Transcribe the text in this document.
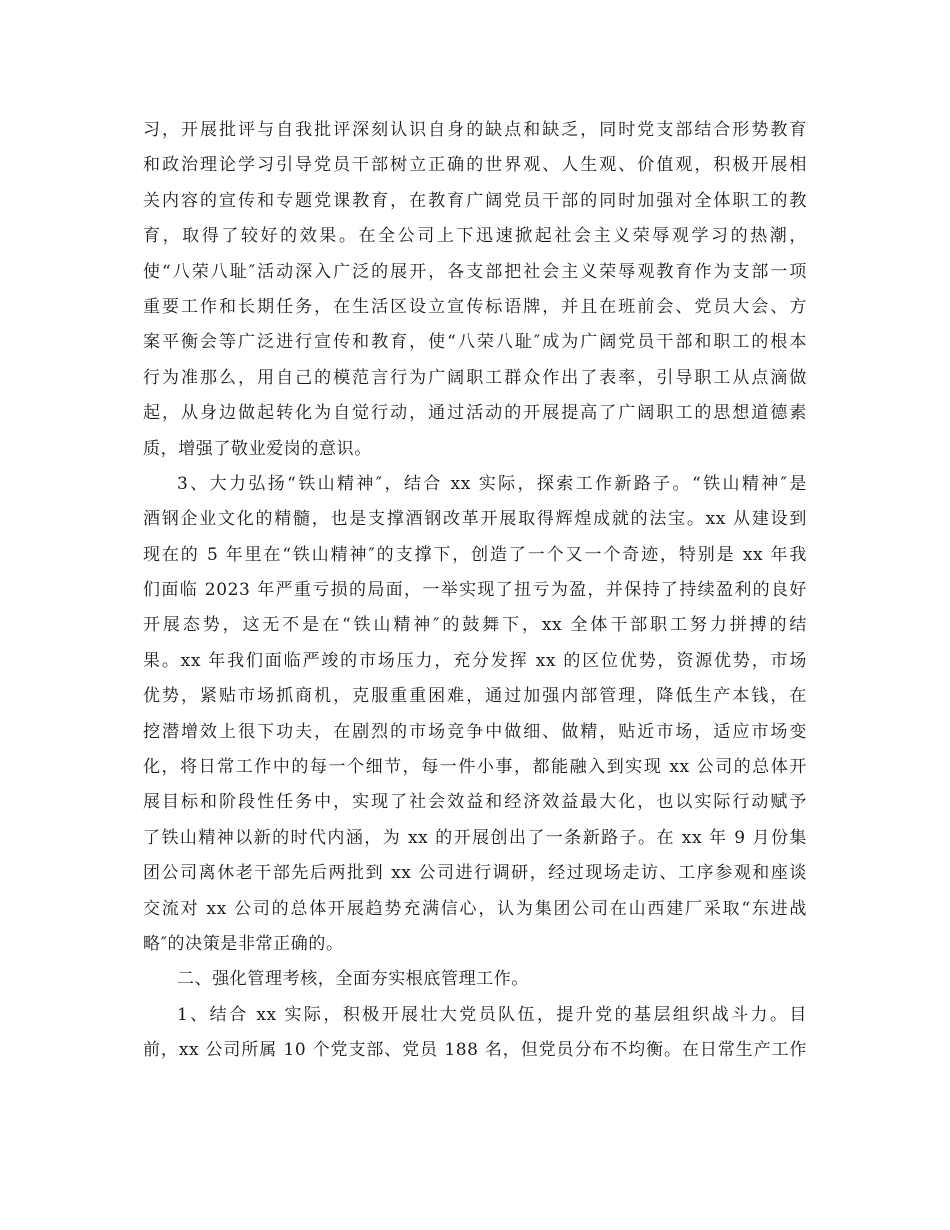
习，开展批评与自我批评深刻认识自身的缺点和缺乏，同时党支部结合形势教育
和政治理论学习引导党员干部树立正确的世界观、人生观、价值观，积极开展相
关内容的宣传和专题党课教育，在教育广阔党员干部的同时加强对全体职工的教
育，取得了较好的效果。在全公司上下迅速掀起社会主义荣辱观学习的热潮，
使“八荣八耻″活动深入广泛的展开，各支部把社会主义荣辱观教育作为支部一项
重要工作和长期任务，在生活区设立宣传标语牌，并且在班前会、党员大会、方
案平衡会等广泛进行宣传和教育，使“八荣八耻″成为广阔党员干部和职工的根本
行为准那么，用自己的模范言行为广阔职工群众作出了表率，引导职工从点滴做
起，从身边做起转化为自觉行动，通过活动的开展提高了广阔职工的思想道德素
质，增强了敬业爱岗的意识。
3、大力弘扬“铁山精神″，结合 xx 实际，探索工作新路子。“铁山精神″是
酒钢企业文化的精髓，也是支撑酒钢改革开展取得辉煌成就的法宝。xx 从建设到
现在的 5 年里在“铁山精神″的支撑下，创造了一个又一个奇迹，特别是 xx 年我
们面临 2023 年严重亏损的局面，一举实现了扭亏为盈，并保持了持续盈利的良好
开展态势，这无不是在“铁山精神″的鼓舞下，xx 全体干部职工努力拼搏的结
果。xx 年我们面临严竣的市场压力，充分发挥 xx 的区位优势，资源优势，市场
优势，紧贴市场抓商机，克服重重困难，通过加强内部管理，降低生产本钱，在
挖潜增效上很下功夫，在剧烈的市场竞争中做细、做精，贴近市场，适应市场变
化，将日常工作中的每一个细节，每一件小事，都能融入到实现 xx 公司的总体开
展目标和阶段性任务中，实现了社会效益和经济效益最大化，也以实际行动赋予
了铁山精神以新的时代内涵，为 xx 的开展创出了一条新路子。在 xx 年 9 月份集
团公司离休老干部先后两批到 xx 公司进行调研，经过现场走访、工序参观和座谈
交流对 xx 公司的总体开展趋势充满信心，认为集团公司在山西建厂采取“东进战
略″的决策是非常正确的。
二、强化管理考核，全面夯实根底管理工作。
1、结合 xx 实际，积极开展壮大党员队伍，提升党的基层组织战斗力。目
前，xx 公司所属 10 个党支部、党员 188 名，但党员分布不均衡。在日常生产工作
